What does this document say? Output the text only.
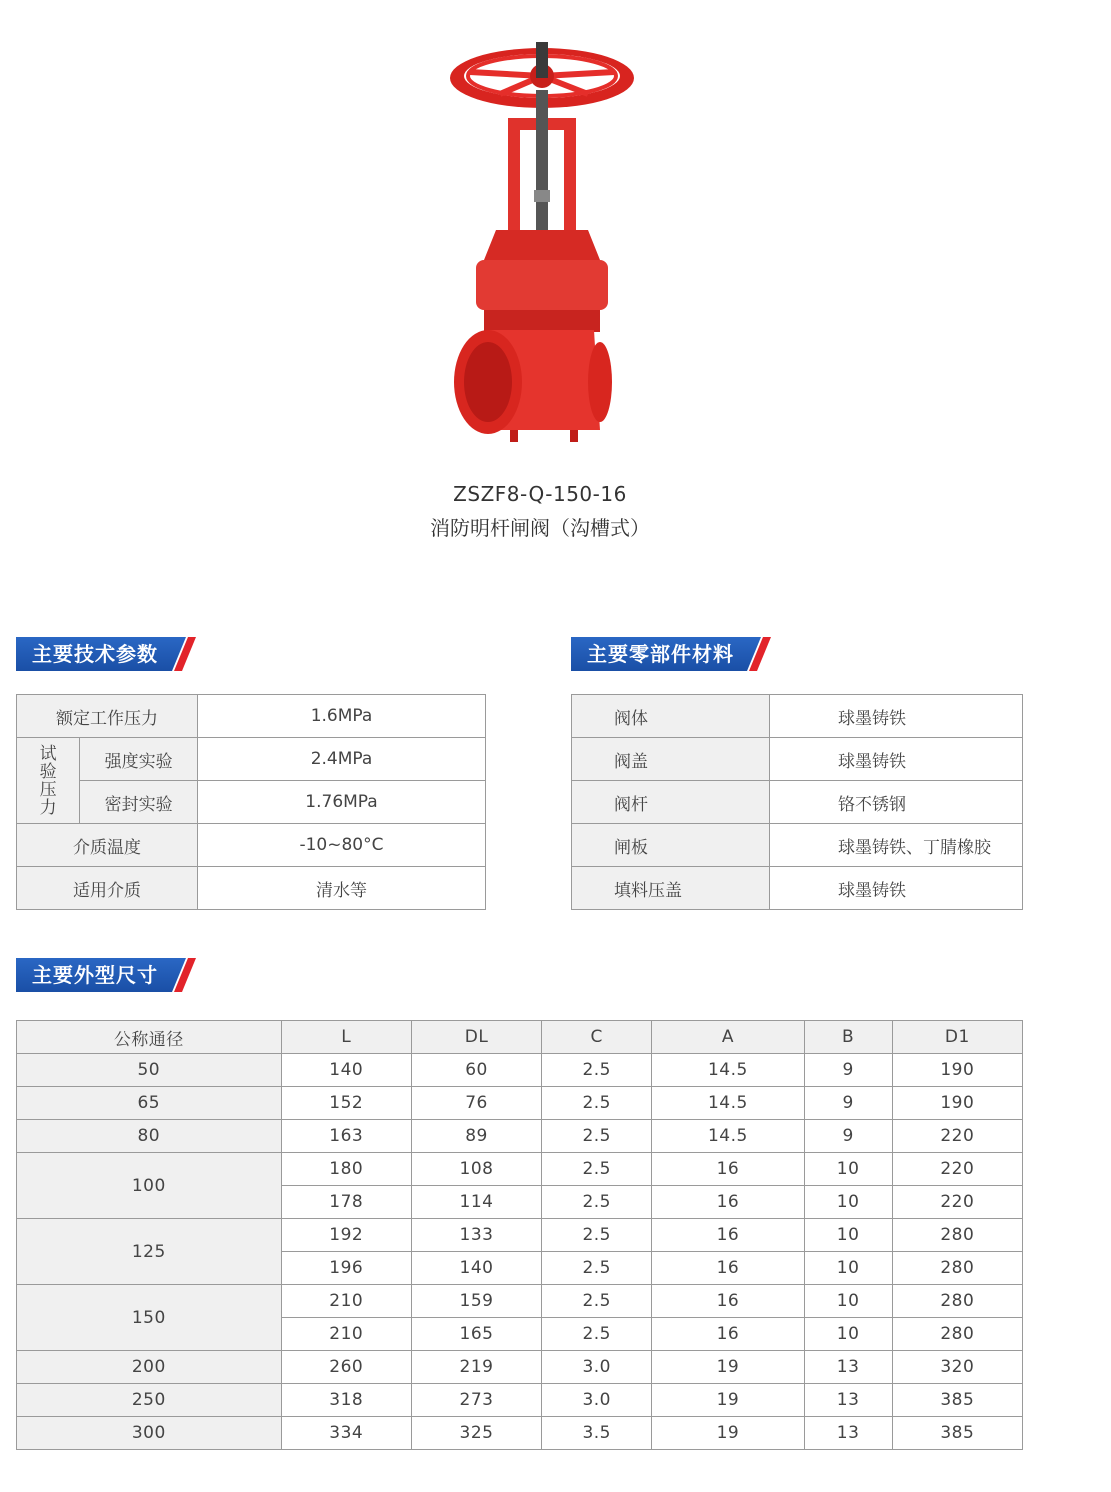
ZSZF8-Q-150-16
消防明杆闸阀（沟槽式）
主要技术参数
额定工作压力		1.6MPa
试
验
压
力	强度实验	2.4MPa
	密封实验	1.76MPa
介质温度		-10~80°C
适用介质		清水等
主要零部件材料
阀体	球墨铸铁
阀盖	球墨铸铁
阀杆	铬不锈钢
闸板	球墨铸铁、丁腈橡胶
填料压盖	球墨铸铁
主要外型尺寸
公称通径	L	DL	C	A	B	D1
50	140	60	2.5	14.5	9	190
65	152	76	2.5	14.5	9	190
80	163	89	2.5	14.5	9	220
100	180	108	2.5	16	10	220
	178	114	2.5	16	10	220
125	192	133	2.5	16	10	280
	196	140	2.5	16	10	280
150	210	159	2.5	16	10	280
	210	165	2.5	16	10	280
200	260	219	3.0	19	13	320
250	318	273	3.0	19	13	385
300	334	325	3.5	19	13	385
